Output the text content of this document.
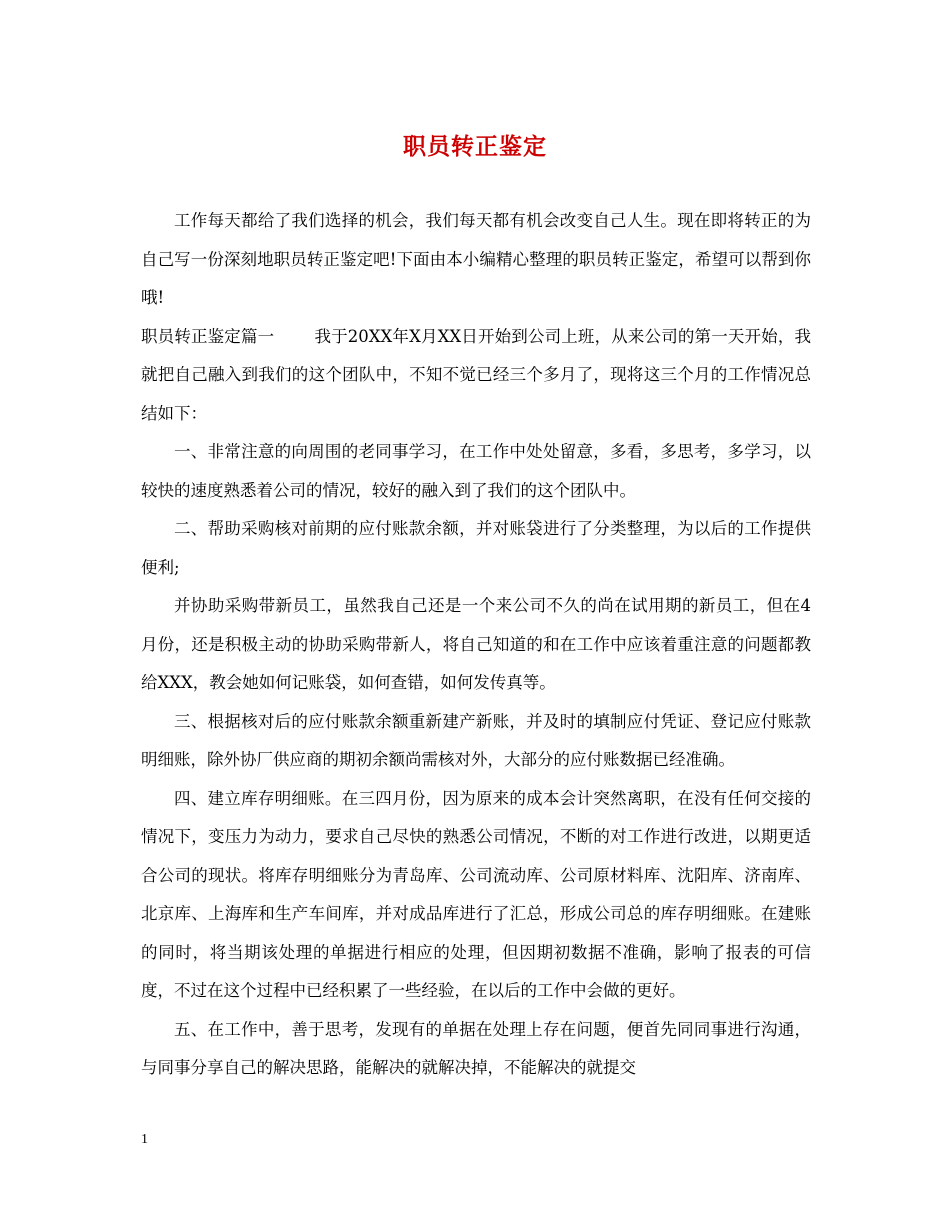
职员转正鉴定

工作每天都给了我们选择的机会，我们每天都有机会改变自己人生。现在即将转正的为自己写一份深刻地职员转正鉴定吧!下面由本小编精心整理的职员转正鉴定，希望可以帮到你哦!

职员转正鉴定篇一 我于20XX年X月XX日开始到公司上班，从来公司的第一天开始，我就把自己融入到我们的这个团队中，不知不觉已经三个多月了，现将这三个月的工作情况总结如下：

一、非常注意的向周围的老同事学习，在工作中处处留意，多看，多思考，多学习，以较快的速度熟悉着公司的情况，较好的融入到了我们的这个团队中。

二、帮助采购核对前期的应付账款余额，并对账袋进行了分类整理，为以后的工作提供便利;

并协助采购带新员工，虽然我自己还是一个来公司不久的尚在试用期的新员工，但在4月份，还是积极主动的协助采购带新人，将自己知道的和在工作中应该着重注意的问题都教给XXX，教会她如何记账袋，如何查错，如何发传真等。

三、根据核对后的应付账款余额重新建产新账，并及时的填制应付凭证、登记应付账款明细账，除外协厂供应商的期初余额尚需核对外，大部分的应付账数据已经准确。

四、建立库存明细账。在三四月份，因为原来的成本会计突然离职，在没有任何交接的情况下，变压力为动力，要求自己尽快的熟悉公司情况，不断的对工作进行改进，以期更适合公司的现状。将库存明细账分为青岛库、公司流动库、公司原材料库、沈阳库、济南库、北京库、上海库和生产车间库，并对成品库进行了汇总，形成公司总的库存明细账。在建账的同时，将当期该处理的单据进行相应的处理，但因期初数据不准确，影响了报表的可信度，不过在这个过程中已经积累了一些经验，在以后的工作中会做的更好。

五、在工作中，善于思考，发现有的单据在处理上存在问题，便首先同同事进行沟通，与同事分享自己的解决思路，能解决的就解决掉，不能解决的就提交

1
